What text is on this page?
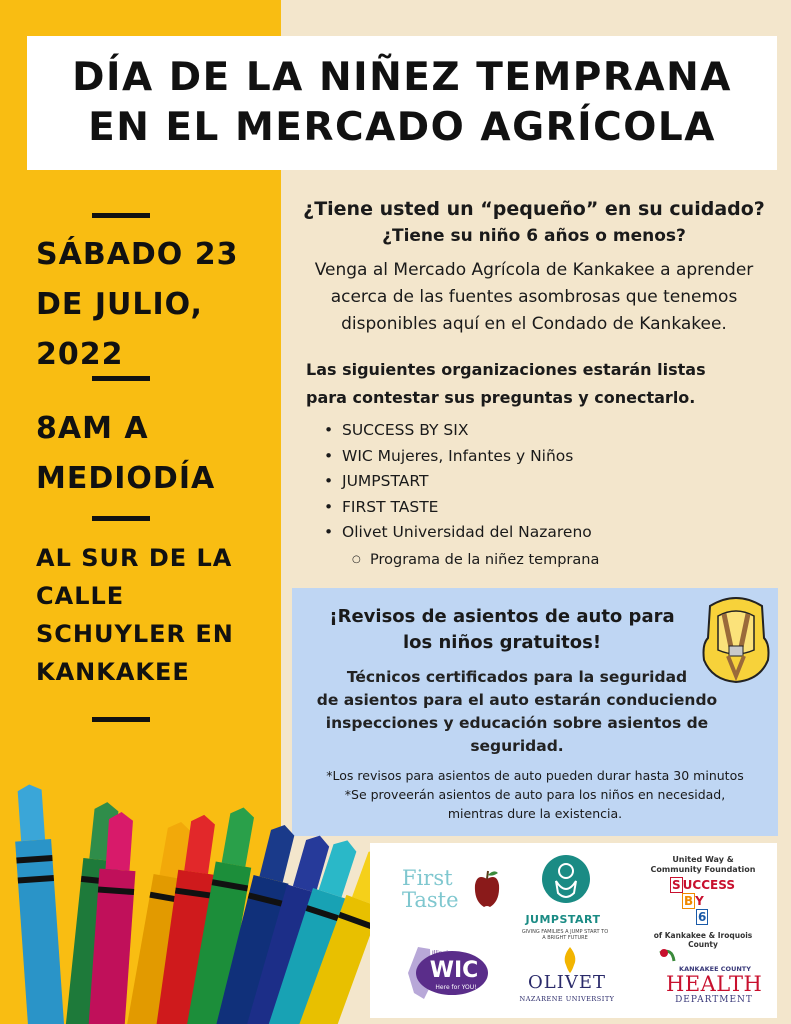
DÍA DE LA NIÑEZ TEMPRANA
EN EL MERCADO AGRÍCOLA
SÁBADO 23
DE JULIO,
2022
8AM A
MEDIODÍA
AL SUR DE LA
CALLE
SCHUYLER EN
KANKAKEE
¿Tiene usted un “pequeño” en su cuidado?
¿Tiene su niño 6 años o menos?
Venga al Mercado Agrícola de Kankakee a aprender
acerca de las fuentes asombrosas que tenemos
disponibles aquí en el Condado de Kankakee.
Las siguientes organizaciones estarán listas
para contestar sus preguntas y conectarlo.
• SUCCESS BY SIX
• WIC Mujeres, Infantes y Niños
• JUMPSTART
• FIRST TASTE
• Olivet Universidad del Nazareno
○ Programa de la niñez temprana
¡Revisos de asientos de auto para
los niños gratuitos!
Técnicos certificados para la seguridad
de asientos para el auto estarán conduciendo
inspecciones y educación sobre asientos de
seguridad.
*Los revisos para asientos de auto pueden durar hasta 30 minutos
*Se proveerán asientos de auto para los niños en necesidad,
mientras dure la existencia.
First
Taste
JUMPSTART
GIVING FAMILIES A JUMP START TO A BRIGHT FUTURE
United Way &
Community Foundation
S UCCESS
B Y
6
of Kankakee & Iroquois County
WIC
Illinois
Here for YOU!	OLIVET
NAZARENE UNIVERSITY
KANKAKEE COUNTY
HEALTH
DEPARTMENT
